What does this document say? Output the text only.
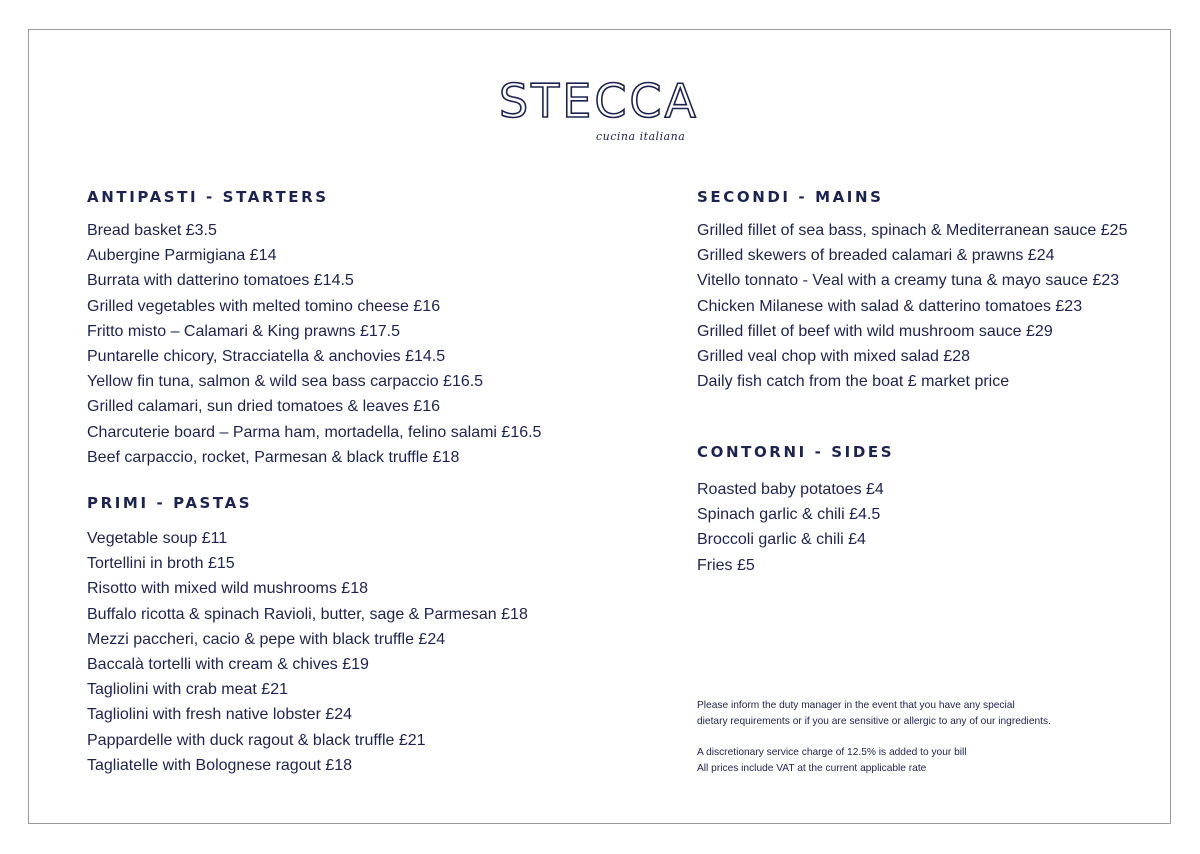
STECCA
cucina italiana
ANTIPASTI - STARTERS
Bread basket £3.5
Aubergine Parmigiana £14
Burrata with datterino tomatoes £14.5
Grilled vegetables with melted tomino cheese £16
Fritto misto – Calamari & King prawns £17.5
Puntarelle chicory, Stracciatella & anchovies £14.5
Yellow fin tuna, salmon & wild sea bass carpaccio £16.5
Grilled calamari, sun dried tomatoes & leaves £16
Charcuterie board – Parma ham, mortadella, felino salami £16.5
Beef carpaccio, rocket, Parmesan & black truffle £18
PRIMI - PASTAS
Vegetable soup £11
Tortellini in broth £15
Risotto with mixed wild mushrooms £18
Buffalo ricotta & spinach Ravioli, butter, sage & Parmesan £18
Mezzi paccheri, cacio & pepe with black truffle £24
Baccalà tortelli with cream & chives £19
Tagliolini with crab meat £21
Tagliolini with fresh native lobster £24
Pappardelle with duck ragout & black truffle £21
Tagliatelle with Bolognese ragout £18
SECONDI - MAINS
Grilled fillet of sea bass, spinach & Mediterranean sauce £25
Grilled skewers of breaded calamari & prawns £24
Vitello tonnato - Veal with a creamy tuna & mayo sauce £23
Chicken Milanese with salad & datterino tomatoes £23
Grilled fillet of beef with wild mushroom sauce £29
Grilled veal chop with mixed salad £28
Daily fish catch from the boat £ market price
CONTORNI - SIDES
Roasted baby potatoes £4
Spinach garlic & chili £4.5
Broccoli garlic & chili £4
Fries £5

Please inform the duty manager in the event that you have any special

dietary requirements or if you are sensitive or allergic to any of our ingredients.

A discretionary service charge of 12.5% is added to your bill

All prices include VAT at the current applicable rate
